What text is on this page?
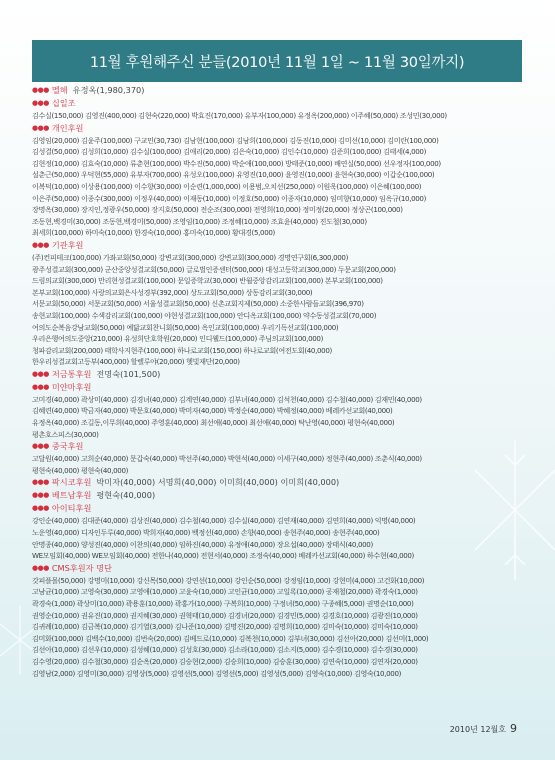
11월 후원해주신 분들(2010년 11월 1일 ~ 11월 30일까지)
●●● 멜해 유정옥(1,980,370)
●●● 십일조
김수실(150,000) 김영진(400,000) 김현숙(220,000) 박효진(170,000) 유부자(100,000) 유정옥(200,000) 이주혜(50,000) 조성민(30,000)
●●● 개인후원
김영임(20,000) 김윤주(100,000) 구교민(30,730) 김남현(100,000) 김남희(100,000) 김동진(10,000) 김미선(10,000) 김미란(100,000)
김성결(50,000) 김성희(10,000) 김수실(100,000) 김애리(20,000) 김은숙(10,000) 김인수(10,000) 김준희(100,000) 김태세(4,000)
김현정(10,000) 김효숙(10,000) 류춘현(100,000) 박수진(50,000) 박순애(100,000) 방태준(10,000) 배연실(50,000) 선우정자(100,000)
설춘근(50,000) 우덕현(55,000) 유부자(700,000) 유성오(100,000) 유영진(10,000) 윤영진(10,000) 윤현숙(30,000) 이갑순(100,000)
이복덕(10,000) 이상용(100,000) 이수향(30,000) 이순련(1,000,000) 이용범,오치선(250,000) 이원욱(100,000) 이은혜(100,000)
이은주(50,000) 이종수(300,000) 이정우(40,000) 이재동(10,000) 이정호(50,000) 이종자(10,000) 임미향(10,000) 임옥규(10,000)
장명옥(30,000) 장지인,정광우(50,000) 장지호(50,000) 전순조(300,000) 전영희(10,000) 정미정(20,000) 정상곤(100,000)
조동현,백경미(30,000) 조동현,백경미(50,000) 조영임(10,000) 조정혜(10,000) 조효윤(40,000) 진도철(30,000)
최세희(100,000) 하미숙(10,000) 한경숙(10,000) 홍미숙(10,000) 황대경(5,000)
●●● 기관후원
(주)컨피테크(100,000) 가좌교회(50,000) 강변교회(300,000) 강변교회(300,000) 경명연구회(6,300,000)
광주성결교회(300,000) 군산중앙성결교회(50,000) 글로벌인증센터(500,000) 대성고등학교(300,000) 두문교회(200,000)
드림의교회(300,000) 만리현성결교회(100,000) 문일증학교(30,000) 반월중앙감리교회(100,000) 본부교회(100,000)
본부교회(100,000) 사랑의교회은사성경부(392,000) 상도교회(50,000) 상동감리교회(30,000)
서문교회(50,000) 서문교회(50,000) 서울성결교회(50,000) 신촌교회지제(50,000) 소중한사람들교회(396,970)
송현교회(100,000) 수색감리교회(100,000) 야현성결교회(100,000) 안디옥교회(100,000) 약수동성결교회(70,000)
여의도순복음강남교회(50,000) 예닮교회찬니회(50,000) 옥인교회(100,000) 우리기독선교회(100,000)
우리은행여의도중앙(210,000) 유성희단호학원(20,000) 인디웰드(100,000) 주님의교회(100,000)
청파감리교회(200,000) 태학사지현주(100,000) 하나로교회(150,000) 하나로교회(여전도회(40,000)
한우리성결교회고등부(400,000) 할렐루야(20,000) 헷빛재단(20,000)
●●● 저금통후원 전명숙(101,500)
●●● 미얀마후원
고미경(40,000) 곽상미(40,000) 김경녀(40,000) 김계연(40,000) 김부녀(40,000) 김석천(40,000) 김수철(40,000) 김재민(40,000)
김혜련(40,000) 박금자(40,000) 박문호(40,000) 박미자(40,000) 박정순(40,000) 박혜정(40,000) 베레카선교회(40,000)
유정옥(40,000) 조길동,이무희(40,000) 주영훈(40,000) 최선애(40,000) 최선애(40,000) 탁난영(40,000) 평현숙(40,000)
평촌호스피스(30,000)
●●● 중국후원
고달원(40,000) 고희순(40,000) 문갑숙(40,000) 박선주(40,000) 박현석(40,000) 이세구(40,000) 정현주(40,000) 조춘식(40,000)
평현숙(40,000) 평현숙(40,000)
●●● 팍시코후원 박미자(40,000) 서명희(40,000) 이미희(40,000) 이미희(40,000)
●●● 베트남후원 평현숙(40,000)
●●● 아이티후원
강인순(40,000) 김대준(40,000) 김상진(40,000) 김수철(40,000) 김수실(40,000) 김연재(40,000) 김연희(40,000) 익명(40,000)
노운영(40,000) 디자인두루(40,000) 박희자(40,000) 백정선(40,000) 손향(40,000) 송현주(40,000) 송현주(40,000)
안명종(40,000) 양성진(40,000) 이찬의(40,000) 임하진(40,000) 유정애(40,000) 장요섭(40,000) 장태식(40,000)
WE모임회(40,000) WE모임회(40,000) 전한나(40,000) 전현서(40,000) 조정숙(40,000) 베레카선교회(40,000) 하수현(40,000)
●●● CMS후원자 명단
갓피플몰(50,000) 강명미(10,000) 강신목(50,000) 강연선(10,000) 강인순(50,000) 강정임(10,000) 강현미(4,000) 고건화(10,000)
고남균(10,000) 고영숙(30,000) 고영애(10,000) 고윤숙(10,000) 고인균(10,000) 고일록(10,000) 공재철(20,000) 곽경숙(1,000)
곽경숙(1,000) 곽상미(10,000) 곽용훈(10,000) 곽홍가(10,000) 구복희(10,000) 구정녀(50,000) 구종혜(5,000) 권명순(10,000)
권영순(10,000) 권유진(10,000) 권지혜(30,000) 권혁태(10,000) 김경녀(20,000) 김경민(5,000) 김경호(10,000) 김광진(10,000)
김귀례(10,000) 김금복(10,000) 김기열(3,000) 김나준(10,000) 김명진(20,000) 김명희(10,000) 김미숙(10,000) 김미숙(10,000)
김미화(100,000) 김백수(10,000) 김번숙(20,000) 김베드로(10,000) 김복천(10,000) 김부녀(30,000) 김선아(20,000) 김선미(1,000)
김선아(10,000) 김선우(10,000) 김성혜(10,000) 김성호(30,000) 김소라(10,000) 김소지(5,000) 김수경(10,000) 김수경(30,000)
김수영(20,000) 김수철(30,000) 김순옥(20,000) 김승현(2,000) 김승희(10,000) 김승훈(30,000) 김연숙(10,000) 김연자(20,000)
김영남(2,000) 김영미(30,000) 김영상(5,000) 김영선(5,000) 김영선(5,000) 김영성(5,000) 김영숙(10,000) 김영숙(10,000)
2010년 12월호 9
